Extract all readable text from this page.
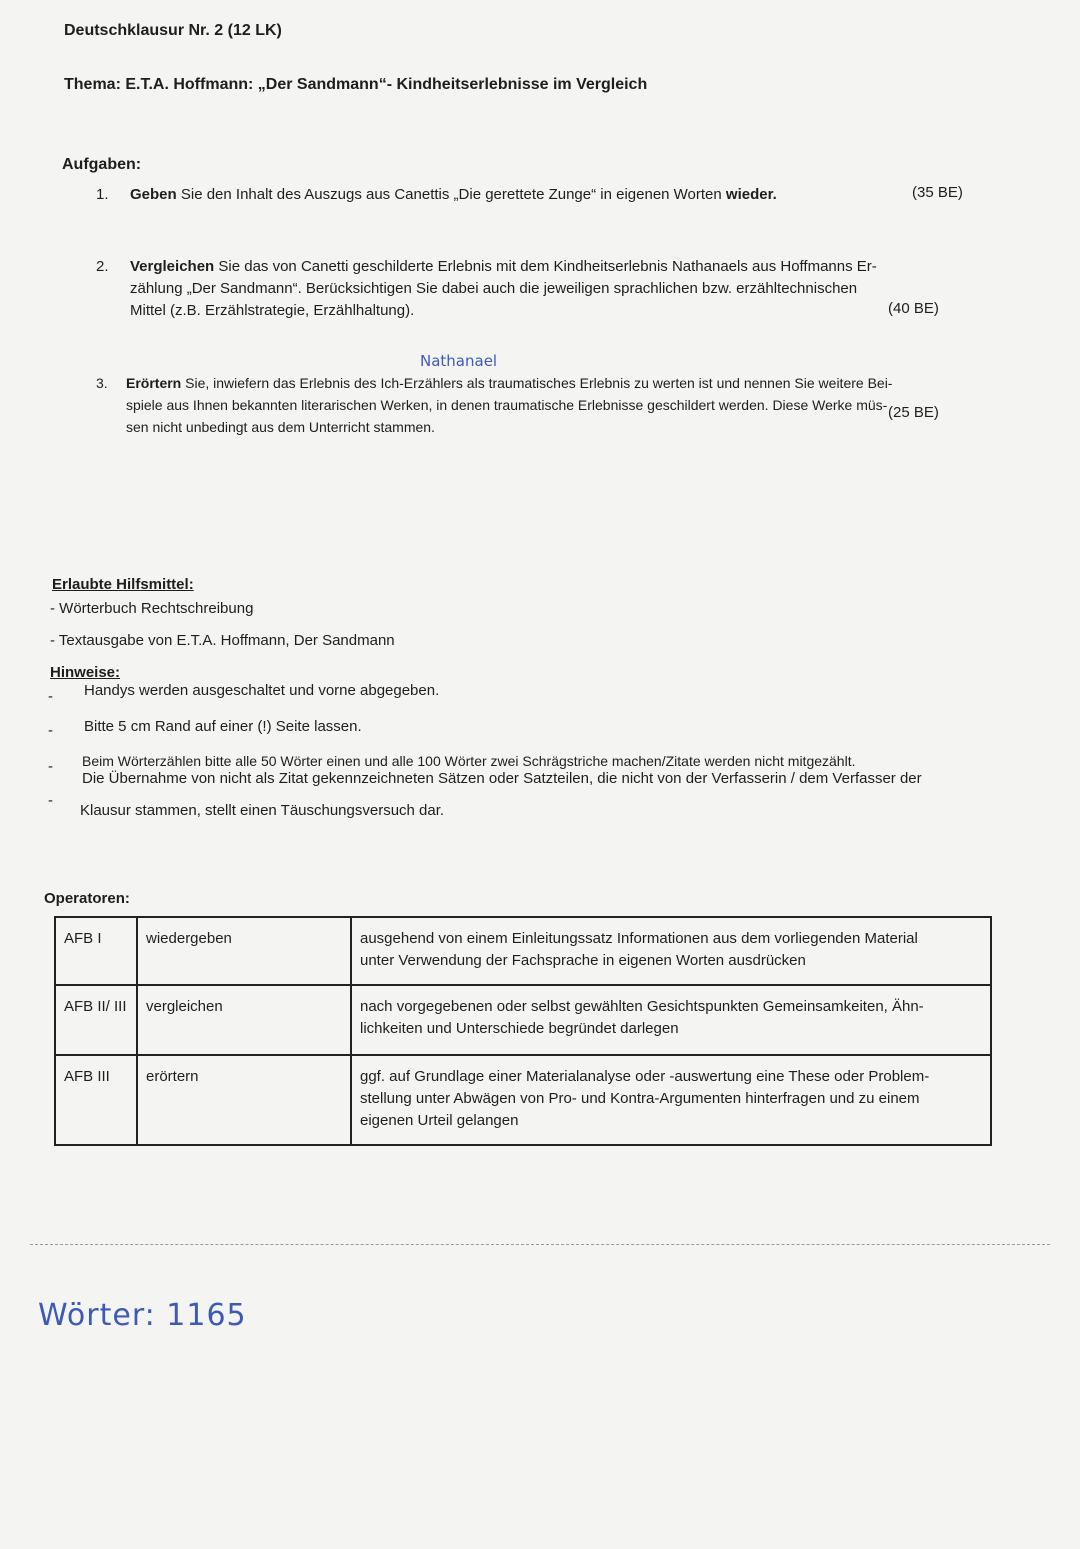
Deutschklausur Nr. 2 (12 LK)
Thema: E.T.A. Hoffmann: „Der Sandmann“- Kindheitserlebnisse im Vergleich
Aufgaben:
1.	Geben Sie den Inhalt des Auszugs aus Canettis „Die gerettete Zunge“ in eigenen Worten wieder.	(35 BE)
2.	Vergleichen Sie das von Canetti geschilderte Erlebnis mit dem Kindheitserlebnis Nathanaels aus Hoffmanns Er-
zählung „Der Sandmann“. Berücksichtigen Sie dabei auch die jeweiligen sprachlichen bzw. erzähltechnischen
Mittel (z.B. Erzählstrategie, Erzählhaltung).	(40 BE)
Nathanael
3.	Erörtern Sie, inwiefern das Erlebnis des Ich-Erzählers als traumatisches Erlebnis zu werten ist und nennen Sie weitere Bei-
spiele aus Ihnen bekannten literarischen Werken, in denen traumatische Erlebnisse geschildert werden. Diese Werke müs-
sen nicht unbedingt aus dem Unterricht stammen.
(25 BE)
Erlaubte Hilfsmittel:
- Wörterbuch Rechtschreibung
- Textausgabe von E.T.A. Hoffmann, Der Sandmann
Hinweise:
- Handys werden ausgeschaltet und vorne abgegeben.
- Bitte 5 cm Rand auf einer (!) Seite lassen.
- Beim Wörterzählen bitte alle 50 Wörter einen und alle 100 Wörter zwei Schrägstriche machen/Zitate werden nicht mitgezählt.
-
Die Übernahme von nicht als Zitat gekennzeichneten Sätzen oder Satzteilen, die nicht von der Verfasserin / dem Verfasser der
Klausur stammen, stellt einen Täuschungsversuch dar.
Operatoren:
AFB I	wiedergeben	ausgehend von einem Einleitungssatz Informationen aus dem vorliegenden Material
unter Verwendung der Fachsprache in eigenen Worten ausdrücken

AFB II/ III	vergleichen	nach vorgegebenen oder selbst gewählten Gesichtspunkten Gemeinsamkeiten, Ähn-
lichkeiten und Unterschiede begründet darlegen

AFB III	erörtern	ggf. auf Grundlage einer Materialanalyse oder -auswertung eine These oder Problem-
stellung unter Abwägen von Pro- und Kontra-Argumenten hinterfragen und zu einem
eigenen Urteil gelangen
Wörter: 1165
